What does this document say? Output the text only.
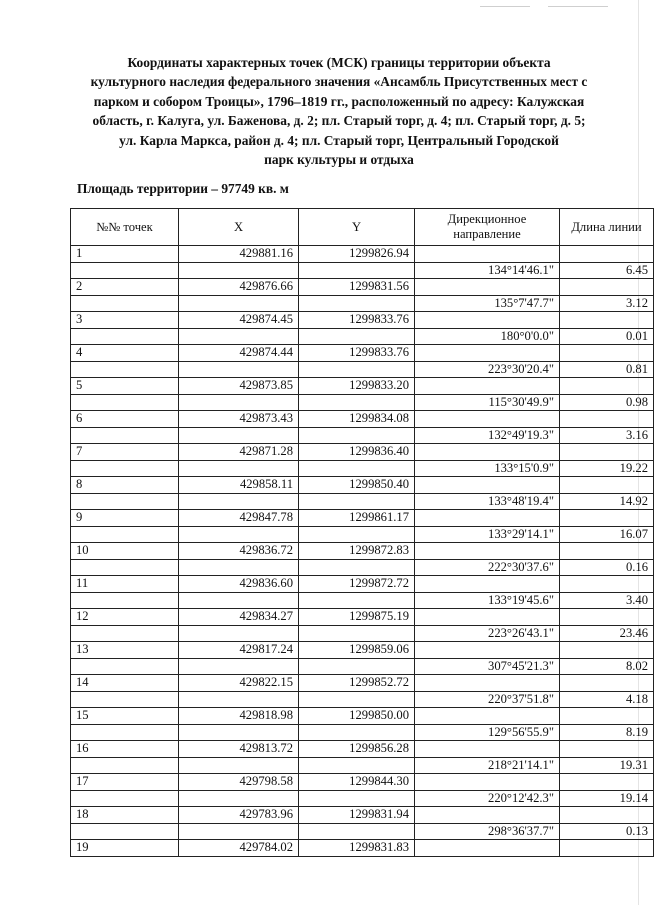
Координаты характерных точек (МСК) границы территории объекта
культурного наследия федерального значения «Ансамбль Присутственных мест с
парком и собором Троицы», 1796–1819 гг., расположенный по адресу: Калужская
область, г. Калуга, ул. Баженова, д. 2; пл. Старый торг, д. 4; пл. Старый торг, д. 5;
ул. Карла Маркса, район д. 4; пл. Старый торг, Центральный Городской
парк культуры и отдыха
Площадь территории – 97749 кв. м
№№ точек	X	Y	Дирекционное направление	Длина линии
1	429881.16	1299826.94		
			134°14'46.1"	6.45
2	429876.66	1299831.56		
			135°7'47.7"	3.12
3	429874.45	1299833.76		
			180°0'0.0"	0.01
4	429874.44	1299833.76		
			223°30'20.4"	0.81
5	429873.85	1299833.20		
			115°30'49.9"	0.98
6	429873.43	1299834.08		
			132°49'19.3"	3.16
7	429871.28	1299836.40		
			133°15'0.9"	19.22
8	429858.11	1299850.40		
			133°48'19.4"	14.92
9	429847.78	1299861.17		
			133°29'14.1"	16.07
10	429836.72	1299872.83		
			222°30'37.6"	0.16
11	429836.60	1299872.72		
			133°19'45.6"	3.40
12	429834.27	1299875.19		
			223°26'43.1"	23.46
13	429817.24	1299859.06		
			307°45'21.3"	8.02
14	429822.15	1299852.72		
			220°37'51.8"	4.18
15	429818.98	1299850.00		
			129°56'55.9"	8.19
16	429813.72	1299856.28		
			218°21'14.1"	19.31
17	429798.58	1299844.30		
			220°12'42.3"	19.14
18	429783.96	1299831.94		
			298°36'37.7"	0.13
19	429784.02	1299831.83		
